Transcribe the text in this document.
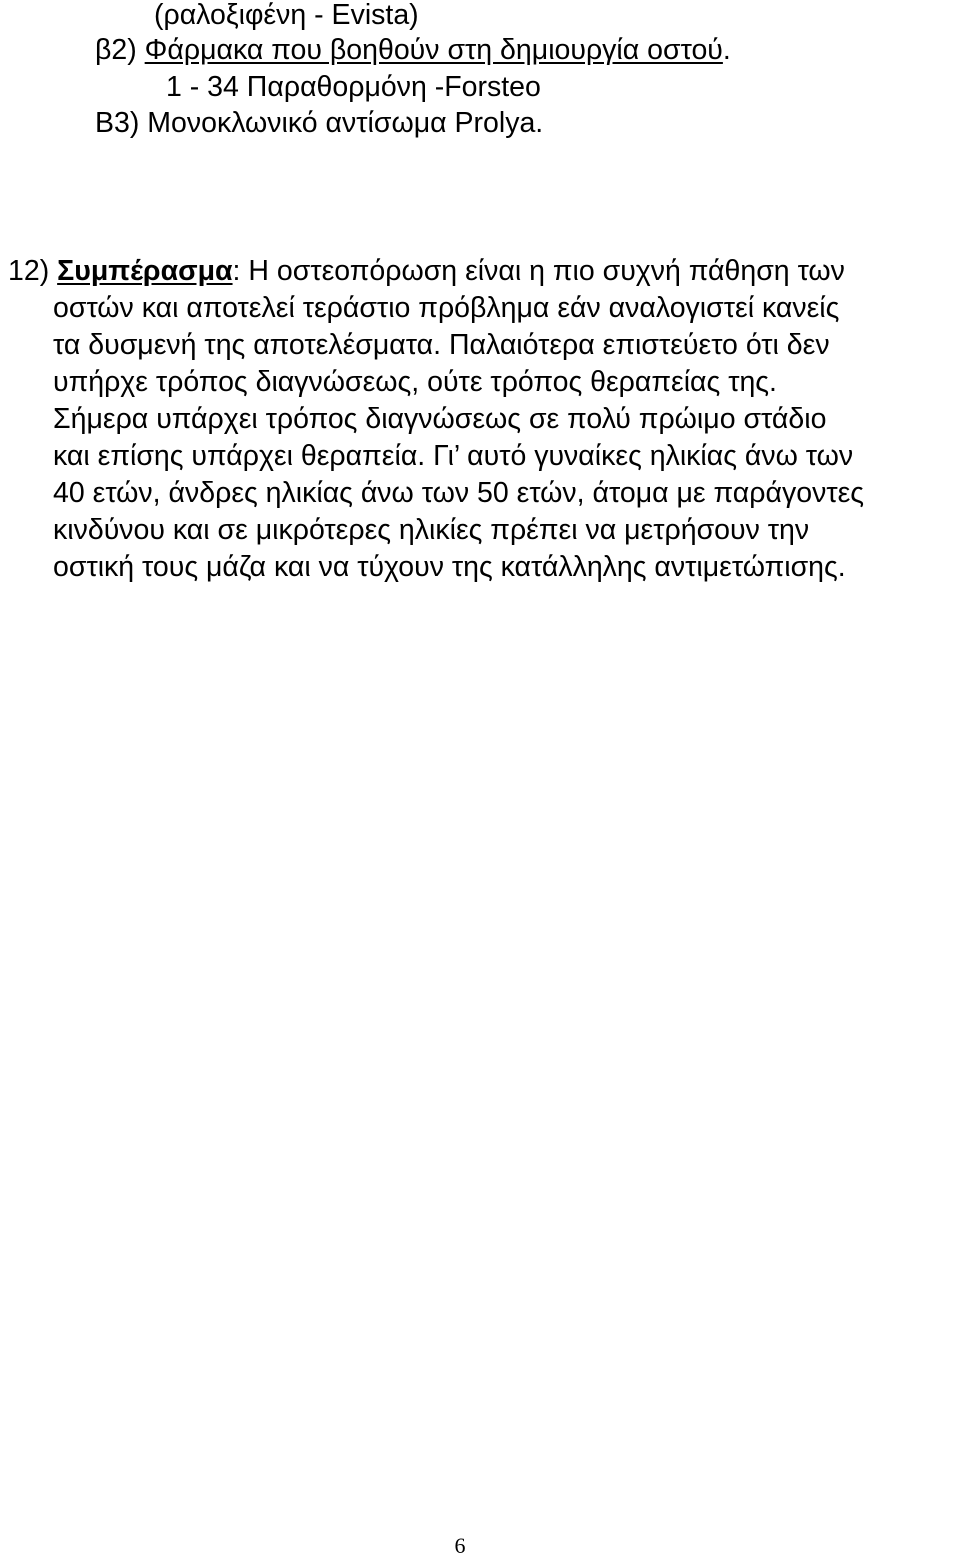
(ραλοξιφένη - Evista)
β2) Φάρμακα που βοηθούν στη δημιουργία οστού.
1 - 34 Παραθορμόνη -Forsteo
Β3) Μονοκλωνικό αντίσωμα Prolya.
12) Συμπέρασμα: Η οστεοπόρωση είναι η πιο συχνή πάθηση των
οστών και αποτελεί τεράστιο πρόβλημα εάν αναλογιστεί κανείς
τα δυσμενή της αποτελέσματα. Παλαιότερα επιστεύετο ότι δεν
υπήρχε τρόπος διαγνώσεως, ούτε τρόπος θεραπείας της.
Σήμερα υπάρχει τρόπος διαγνώσεως σε πολύ πρώιμο στάδιο
και επίσης υπάρχει θεραπεία. Γι’ αυτό γυναίκες ηλικίας άνω των
40 ετών, άνδρες ηλικίας άνω των 50 ετών, άτομα με παράγοντες
κινδύνου και σε μικρότερες ηλικίες πρέπει να μετρήσουν την
οστική τους μάζα και να τύχουν της κατάλληλης αντιμετώπισης.
6
